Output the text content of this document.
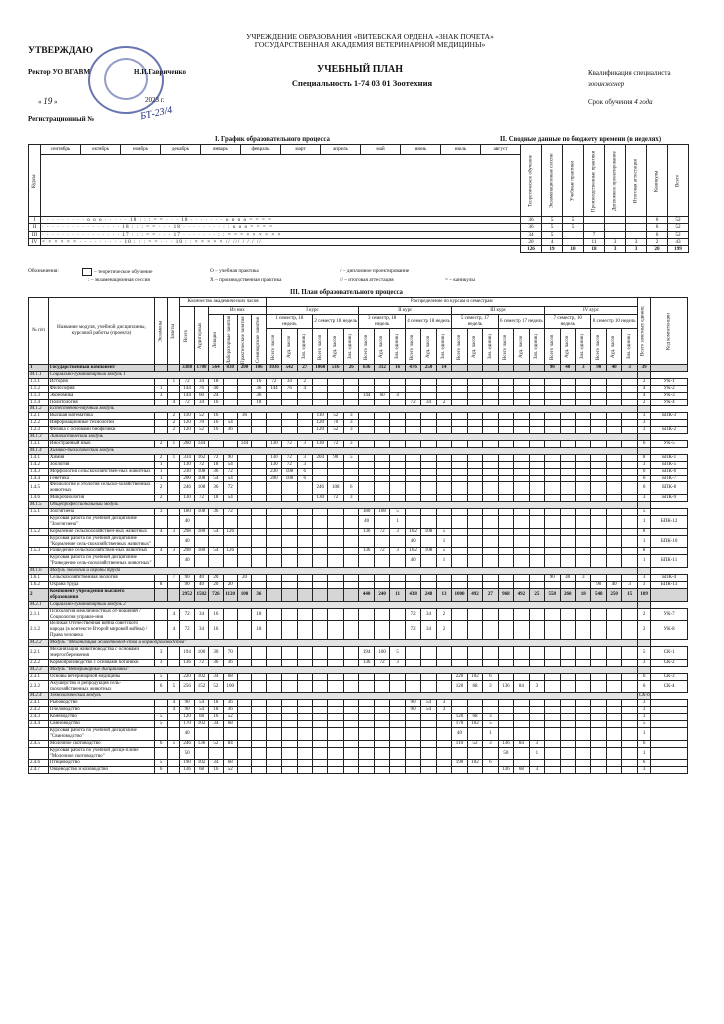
УЧРЕЖДЕНИЕ ОБРАЗОВАНИЯ «ВИТЕБСКАЯ ОРДЕНА «ЗНАК ПОЧЕТА»
ГОСУДАРСТВЕННАЯ АКАДЕМИЯ ВЕТЕРИНАРНОЙ МЕДИЦИНЫ»
УТВЕРЖДАЮ
Ректор УО ВГАВМ	Н.И.Гавриченко
« 19 »	2023 г.
Регистрационный №	БТ-23/4
УЧЕБНЫЙ ПЛАН
Специальность 1-74 03 01 Зоотехния
Квалификация специалиста
зооинженер
Срок обучения 4 года
I. График образовательного процесса	II. Сводные данные по бюджету времени (в неделях)
Курсы	сентябрь	октябрь	ноябрь	декабрь	январь	февраль	март	апрель	май	июнь	июль	август	Теоретическое обучение	Экзаменационные сессии	Учебные практики	Производственные практики	Дипломное проектирование	Итоговая аттестация	Каникулы	Всего

I	· · · · · · · · · о о о · · · · · 18 : : : = = · · · 18 · · · · · · · о о о о = = = =												36	5	5				6	52
II	· · · · · · · · · · · · · · · · 18 : : : = = · · · 18 · · · · · · · · : : о о о = = = =												36	5	5				6	52
III	· · · · · · · · · · · · · · · · 17 : : : = = · · · 17 · · · · · · · : : = = = × × × × × ×												34	5		7			6	52
IV	× × × × × × · · · · · · · · · 10 : : : = = · · · 10 : : × × × × × // /// / / / //												20	4		11	3	3	2	43
													126	19	10	18	3	3	20	199
Обозначения:	– теоретическое обучение	О – учебная практика	/ – дипломное проектирование
: – экзаменационная сессия	Х – производственная практика	// – итоговая аттестация	= – каникулы
III. План образовательного процесса
№ п/п	Название модуля, учебной дисциплины, курсовой работы (проекта)	Экзамены	Зачеты	Количество академических часов						Распределение по курсам и семестрам																								Всего зачетных единиц	Код компетенции
				Всего	Аудиторных	Из них				I курс						II курс						III курс						IV курс							
						Лекции	Лабораторные занятия	Практические занятия	Семинарские занятия	1 семестр, 18 недель			2 семестр 18 недель			3 семестр, 18 недель			4 семестр 18 недель			5 семестр, 17 недель			6 семестр 17 недель			7 семестр, 10 недель			8 семестр 10 недель				
										Всего часов	Ауд. часов	Зач. единиц	Всего часов	Ауд. часов	Зач. единиц	Всего часов	Ауд. часов	Зач. единиц	Всего часов	Ауд. часов	Зач. единиц	Всего часов	Ауд. часов	Зач. единиц	Всего часов	Ауд. часов	Зач. единиц	Всего часов	Ауд. часов	Зач. единиц	Всего часов	Ауд. часов	Зач. единиц		
1	Государственный компонент			3388	1700	564	830	200	106	1036	542	27	1060	516	26	636	312	16	476	250	14							90	40	3	90	40	3	39	
М.1.1	Социально-гуманитарный модуль 1																																		
1.1.1	История		1	72	34	18			16	72	34	2																						2	УК-1
1.1.2	Философия	1		144	76	40			36	144	76	4																						4	УК-2
1.1.3	Экономика	3		144	60	24			36							144	60	4																4	УК-3
1.1.4	Политология		4	72	34	16			18										72	34	2													2	УК-4
М.1.2	Естественно-научный модуль																																		
1.2.1	Высшая математика		2	110	52	16		36					110	52	3																			3	БПК-3
1.2.2	Информационные технологии		2	120	70	16	54						120	70	3																			3	
1.2.3	Физика с основами биофизики		2	120	52	16	36						120	52	3																			3	БПК-2
М.1.3	Лингвистический модуль																																		
1.3.1	Иностранный язык	2	1	260	144			144		130	72	3	130	72	3																			6	УК-5
М.1.4	Химико-биологический модуль																																		
1.4.1	Химия	2	1	334	162	72	90			130	72	3	204	90	5																			8	БПК-1
1.4.2	Зоология	1		130	72	18	54			130	72	3																						3	БПК-5
1.4.3	Морфология сельскохозяйствен-ных животных	1		230	108	36	72			230	108	6																						6	БПК-6
1.4.4	Генетика	1		200	108	54	54			200	108	6																						6	БПК-7
1.4.5	Физиология и этология сельско-хозяйственных животных	2		246	108	36	72						246	108	6																			6	БПК-8
1.4.6	Микробиология	2		130	72	18	54						130	72	3																			3	БПК-9
М.1.5	Общепрофессиональный модуль																																		
1.5.1	Зоогигиена	3		180	108	36	72									180	108	5																5	
	Курсовая работа по учебной дисциплине "Зоогигиена"			40												40		1																1	БПК-12
1.5.2	Кормление сельскохозяйствен-ных животных	4	3	298	180	54	126									136	72	3	162	108	5													8	
	Курсовая работа по учебной дисциплине "Кормление сель-скохозяйственных животных"			40															40		1													1	БПК-10
1.5.3	Разведение сельскохозяйствен-ных животных	4	3	298	180	54	126									136	72	3	162	108	5													8	
	Курсовая работа по учебной дисциплине "Разведение сель-скохозяйственных животных"			40															40		1													1	БПК-11
М.1.6	Модуль экологии и охраны труда																																		
1.6.1	Сельскохозяйственная экология		7	90	40	20		20																				90	40	3				3	БПК-4
1.6.2	Охрана труда	8		90	40	20	20																								90	40	3	3	БПК-13
2	Компонент учреждения высшего образования			2952	1582	726	1120	100	36							440	240	11	438	248	13	1000	492	27	968	492	25	558	260	18	548	250	15	109	
М.2.1	Социально-гуманитарный модуль 2																																		
2.1.1	Психология межличностных от-ношений / Социология управле-ния		4	72	34	16			18										72	34	2													2	УК-7
2.1.2	Великая Отечественная война советского народа (в контексте Второй мировой войны) / Права человека		4	72	34	16			18										72	34	2													2	УК-8
М.2.2	Модуль "Механизация животновод-ства и кормопроизводства"																																		
2.2.1	Механизация животноводства с основами энергосбережения	3		194	100	30	70									194	100	5																5	СК-1
2.2.2	Кормопроизводство с основами ботаники	3		136	72	36	36									136	72	3																3	СК-2
М.2.3	Модуль "Ветеринарные дисциплины"																																		
2.3.1	Основы ветеринарной медицины	5		220	102	34	68															220	102	6										6	СК-3
2.3.2	Акушерство и репродукция сель-скохозяйственных животных	6	5	256	152	52	100															120	68	3	136	84	3							6	СК-4
М.2.4	Технологический модуль																																	СК-6	
2.4.1	Рыбоводство		4	90	54	18	36												90	54	3													3	
2.4.2	Пчеловодство		4	90	54	18	36												90	54	3													3	
2.4.3	Коневодство	5		120	68	16	52															120	68	3										3	
2.4.4	Свиноводство	5		170	102	34	68															170	102	5										5	
	Курсовая работа по учебной дисциплине "Свиноводство"			40																		40		1										1	
2.4.5	Молочное скотоводство	6	5	246	136	52	84															110	52	3	136	84	3							6	
	Курсовая работа по учебной дисци-плине "Молочное скотоводство"			50																					50		1							1	
2.4.6	Птицеводство	5		190	102	34	68															190	102	6										6	
2.4.7	Овцеводство и козоводство	6		136	68	16	52																		136	68	3							3	
